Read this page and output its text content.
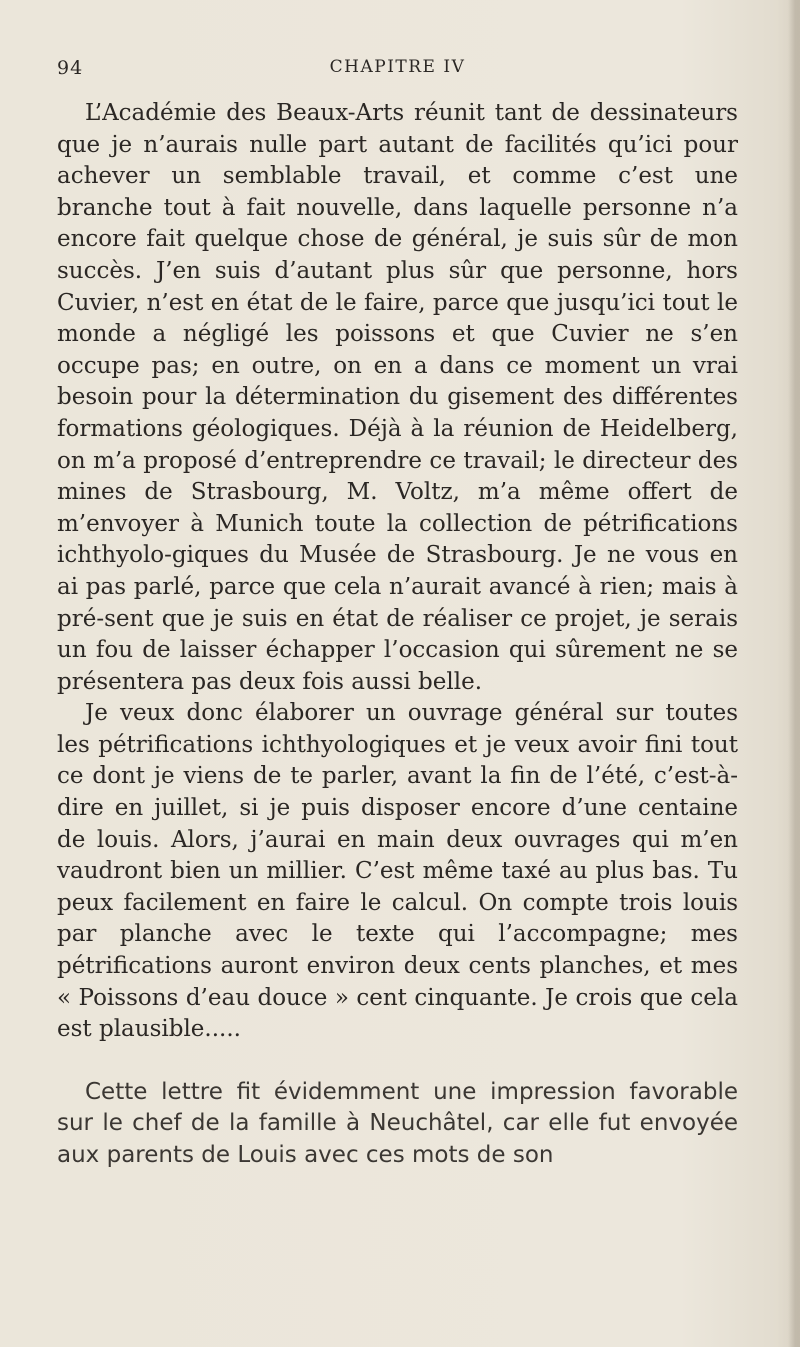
94	CHAPITRE IV

L’Académie des Beaux-Arts réunit tant de dessinateurs que je n’aurais nulle part autant de facilités qu’ici pour achever un semblable travail, et comme c’est une branche tout à fait nouvelle, dans laquelle personne n’a encore fait quelque chose de général, je suis sûr de mon succès. J’en suis d’autant plus sûr que personne, hors Cuvier, n’est en état de le faire, parce que jusqu’ici tout le monde a négligé les poissons et que Cuvier ne s’en occupe pas; en outre, on en a dans ce moment un vrai besoin pour la détermination du gisement des différentes formations géologiques. Déjà à la réunion de Heidelberg, on m’a proposé d’entreprendre ce travail; le directeur des mines de Strasbourg, M. Voltz, m’a même offert de m’envoyer à Munich toute la collection de pétrifications ichthyolo-giques du Musée de Strasbourg. Je ne vous en ai pas parlé, parce que cela n’aurait avancé à rien; mais à pré-sent que je suis en état de réaliser ce projet, je serais un fou de laisser échapper l’occasion qui sûrement ne se présentera pas deux fois aussi belle.

Je veux donc élaborer un ouvrage général sur toutes les pétrifications ichthyologiques et je veux avoir fini tout ce dont je viens de te parler, avant la fin de l’été, c’est-à-dire en juillet, si je puis disposer encore d’une centaine de louis. Alors, j’aurai en main deux ouvrages qui m’en vaudront bien un millier. C’est même taxé au plus bas. Tu peux facilement en faire le calcul. On compte trois louis par planche avec le texte qui l’accompagne; mes pétrifications auront environ deux cents planches, et mes « Poissons d’eau douce » cent cinquante. Je crois que cela est plausible.....

Cette lettre fit évidemment une impression favorable sur le chef de la famille à Neuchâtel, car elle fut envoyée aux parents de Louis avec ces mots de son
